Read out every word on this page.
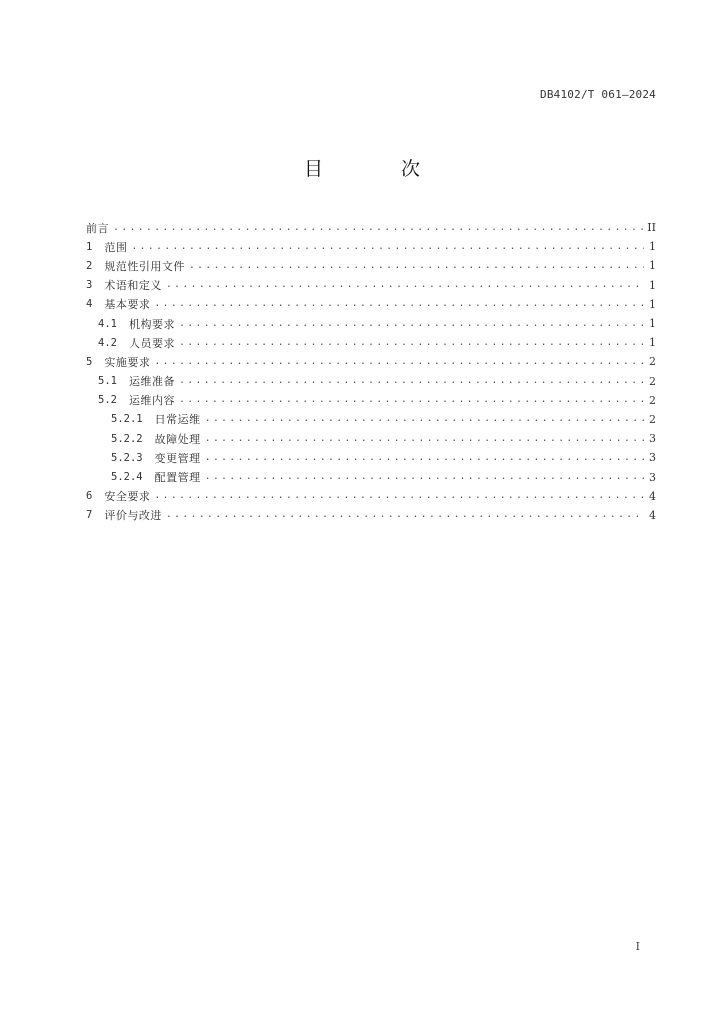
DB4102/T 061—2024
目 次
前言 .....	II
1 范围 .....	1
2 规范性引用文件 .....	1
3 术语和定义 .....	1
4 基本要求 .....	1
4.1 机构要求 .....	1
4.2 人员要求 .....	1
5 实施要求 .....	2
5.1 运维准备 .....	2
5.2 运维内容 .....	2
5.2.1 日常运维 .....	2
5.2.2 故障处理 .....	3
5.2.3 变更管理 .....	3
5.2.4 配置管理 .....	3
6 安全要求 .....	4
7 评价与改进 .....	4
I
